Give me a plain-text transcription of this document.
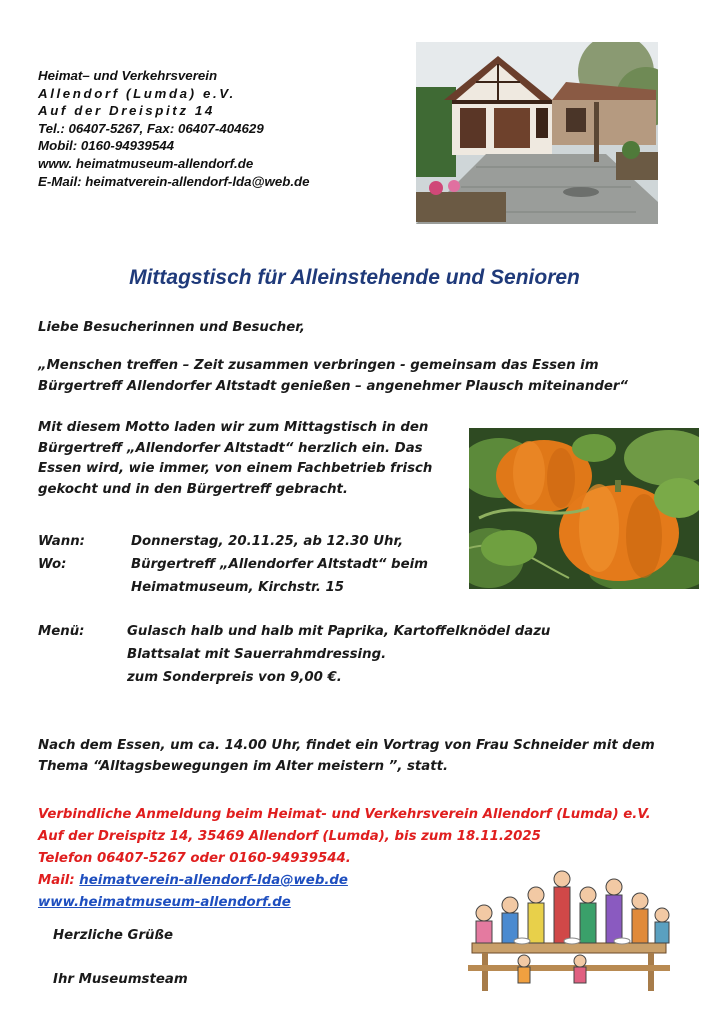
Heimat– und Verkehrsverein
Allendorf (Lumda) e.V.
Auf der Dreispitz 14
Tel.: 06407-5267, Fax: 06407-404629
Mobil: 0160-94939544
www. heimatmuseum-allendorf.de
E-Mail: heimatverein-allendorf-lda@web.de
Mittagstisch für Alleinstehende und Senioren
Liebe Besucherinnen und Besucher,
„Menschen treffen – Zeit zusammen verbringen - gemeinsam das Essen im
Bürgertreff Allendorfer Altstadt genießen – angenehmer Plausch miteinander“
Mit diesem Motto laden wir zum Mittagstisch in den
Bürgertreff „Allendorfer Altstadt“ herzlich ein. Das
Essen wird, wie immer, von einem Fachbetrieb frisch
gekocht und in den Bürgertreff gebracht.
Wann:	Donnerstag, 20.11.25, ab 12.30 Uhr,
Wo:	Bürgertreff „Allendorfer Altstadt“ beim
Heimatmuseum, Kirchstr. 15
Menü:	Gulasch halb und halb mit Paprika, Kartoffelknödel dazu
Blattsalat mit Sauerrahmdressing.
zum Sonderpreis von 9,00 €.
Nach dem Essen, um ca. 14.00 Uhr, findet ein Vortrag von Frau Schneider mit dem
Thema “Alltagsbewegungen im Alter meistern ”, statt.
Verbindliche Anmeldung beim Heimat- und Verkehrsverein Allendorf (Lumda) e.V.
Auf der Dreispitz 14, 35469 Allendorf (Lumda), bis zum 18.11.2025
Telefon 06407-5267 oder 0160-94939544.
Mail: heimatverein-allendorf-lda@web.de
www.heimatmuseum-allendorf.de
Herzliche Grüße
Ihr Museumsteam
